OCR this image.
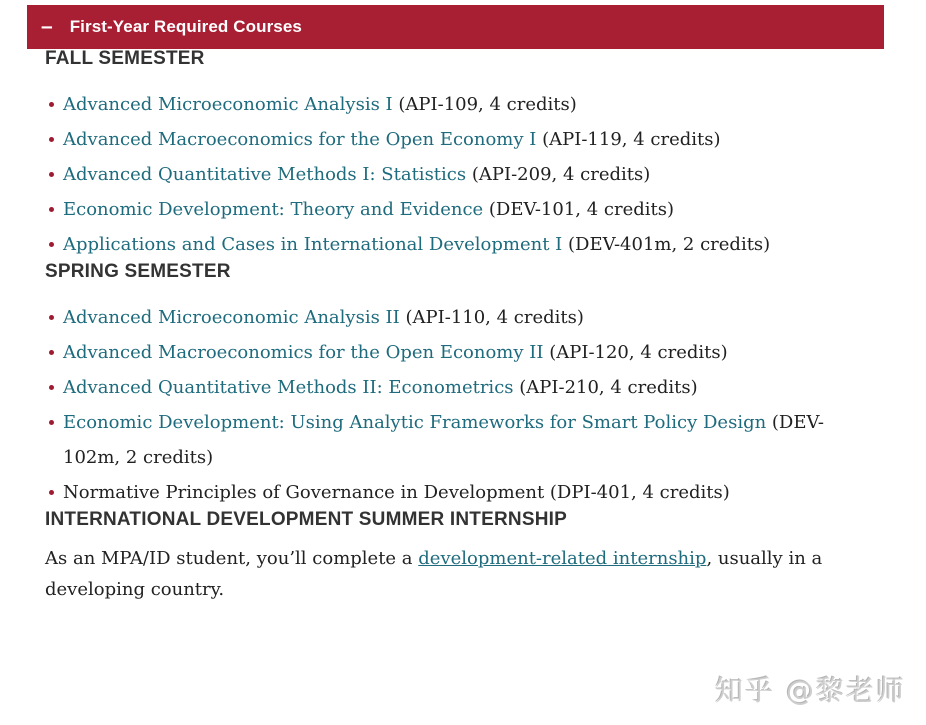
– First-Year Required Courses
FALL SEMESTER
Advanced Microeconomic Analysis I (API-109, 4 credits)
Advanced Macroeconomics for the Open Economy I (API-119, 4 credits)
Advanced Quantitative Methods I: Statistics (API-209, 4 credits)
Economic Development: Theory and Evidence (DEV-101, 4 credits)
Applications and Cases in International Development I (DEV-401m, 2 credits)
SPRING SEMESTER
Advanced Microeconomic Analysis II (API-110, 4 credits)
Advanced Macroeconomics for the Open Economy II (API-120, 4 credits)
Advanced Quantitative Methods II: Econometrics (API-210, 4 credits)
Economic Development: Using Analytic Frameworks for Smart Policy Design (DEV-
102m, 2 credits)
Normative Principles of Governance in Development (DPI-401, 4 credits)
INTERNATIONAL DEVELOPMENT SUMMER INTERNSHIP

As an MPA/ID student, you’ll complete a development-related internship, usually in a developing country.

知乎 @黎老师
